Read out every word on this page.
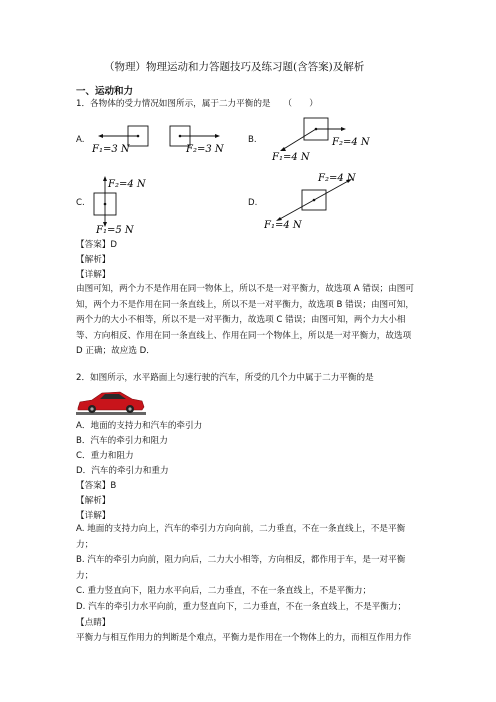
（物理）物理运动和力答题技巧及练习题(含答案)及解析
一、运动和力
1．各物体的受力情况如图所示，属于二力平衡的是　　（　　）
A.
F₁=3 N	F₂=3 N
B.	F₂=4 N
F₁=4 N
C.
F₂=4 N
F₁=5 N
D.
F₂=4 N
F₁=4 N
【答案】D
【解析】
【详解】
由图可知，两个力不是作用在同一物体上，所以不是一对平衡力，故选项 A 错误；由图可
知，两个力不是作用在同一条直线上，所以不是一对平衡力，故选项 B 错误；由图可知，
两个力的大小不相等，所以不是一对平衡力，故选项 C 错误；由图可知，两个力大小相
等、方向相反、作用在同一条直线上、作用在同一个物体上，所以是一对平衡力，故选项
D 正确；故应选 D．
2．如图所示，水平路面上匀速行驶的汽车，所受的几个力中属于二力平衡的是
A．地面的支持力和汽车的牵引力
B．汽车的牵引力和阻力
C．重力和阻力
D．汽车的牵引力和重力
【答案】B
【解析】
【详解】
A. 地面的支持力向上，汽车的牵引力方向向前，二力垂直，不在一条直线上，不是平衡
力；
B. 汽车的牵引力向前，阻力向后，二力大小相等，方向相反，都作用于车，是一对平衡
力；
C. 重力竖直向下，阻力水平向后，二力垂直，不在一条直线上，不是平衡力；
D. 汽车的牵引力水平向前，重力竖直向下，二力垂直，不在一条直线上，不是平衡力；
【点睛】
平衡力与相互作用力的判断是个难点，平衡力是作用在一个物体上的力，而相互作用力作
